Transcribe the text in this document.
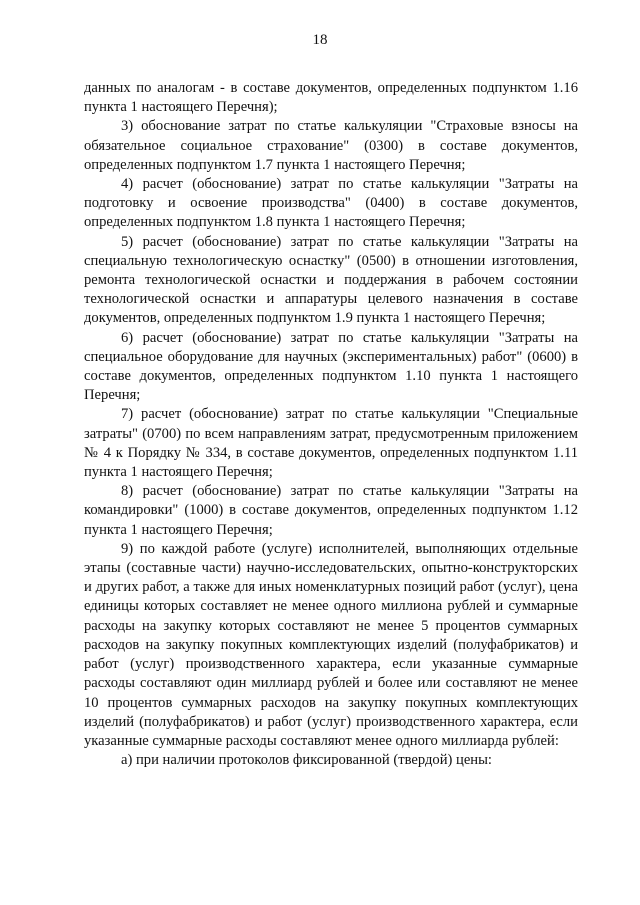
18

данных по аналогам - в составе документов, определенных подпунктом 1.16 пункта 1 настоящего Перечня);

3) обоснование затрат по статье калькуляции "Страховые взносы на обязательное социальное страхование" (0300) в составе документов, определенных подпунктом 1.7 пункта 1 настоящего Перечня;

4) расчет (обоснование) затрат по статье калькуляции "Затраты на подготовку и освоение производства" (0400) в составе документов, определенных подпунктом 1.8 пункта 1 настоящего Перечня;

5) расчет (обоснование) затрат по статье калькуляции "Затраты на специальную технологическую оснастку" (0500) в отношении изготовления, ремонта технологической оснастки и поддержания в рабочем состоянии технологической оснастки и аппаратуры целевого назначения в составе документов, определенных подпунктом 1.9 пункта 1 настоящего Перечня;

6) расчет (обоснование) затрат по статье калькуляции "Затраты на специальное оборудование для научных (экспериментальных) работ" (0600) в составе документов, определенных подпунктом 1.10 пункта 1 настоящего Перечня;

7) расчет (обоснование) затрат по статье калькуляции "Специальные затраты" (0700) по всем направлениям затрат, предусмотренным приложением № 4 к Порядку № 334, в составе документов, определенных подпунктом 1.11 пункта 1 настоящего Перечня;

8) расчет (обоснование) затрат по статье калькуляции "Затраты на командировки" (1000) в составе документов, определенных подпунктом 1.12 пункта 1 настоящего Перечня;

9) по каждой работе (услуге) исполнителей, выполняющих отдельные этапы (составные части) научно-исследовательских, опытно-конструкторских и других работ, а также для иных номенклатурных позиций работ (услуг), цена единицы которых составляет не менее одного миллиона рублей и суммарные расходы на закупку которых составляют не менее 5 процентов суммарных расходов на закупку покупных комплектующих изделий (полуфабрикатов) и работ (услуг) производственного характера, если указанные суммарные расходы составляют один миллиард рублей и более или составляют не менее 10 процентов суммарных расходов на закупку покупных комплектующих изделий (полуфабрикатов) и работ (услуг) производственного характера, если указанные суммарные расходы составляют менее одного миллиарда рублей:

а) при наличии протоколов фиксированной (твердой) цены:
